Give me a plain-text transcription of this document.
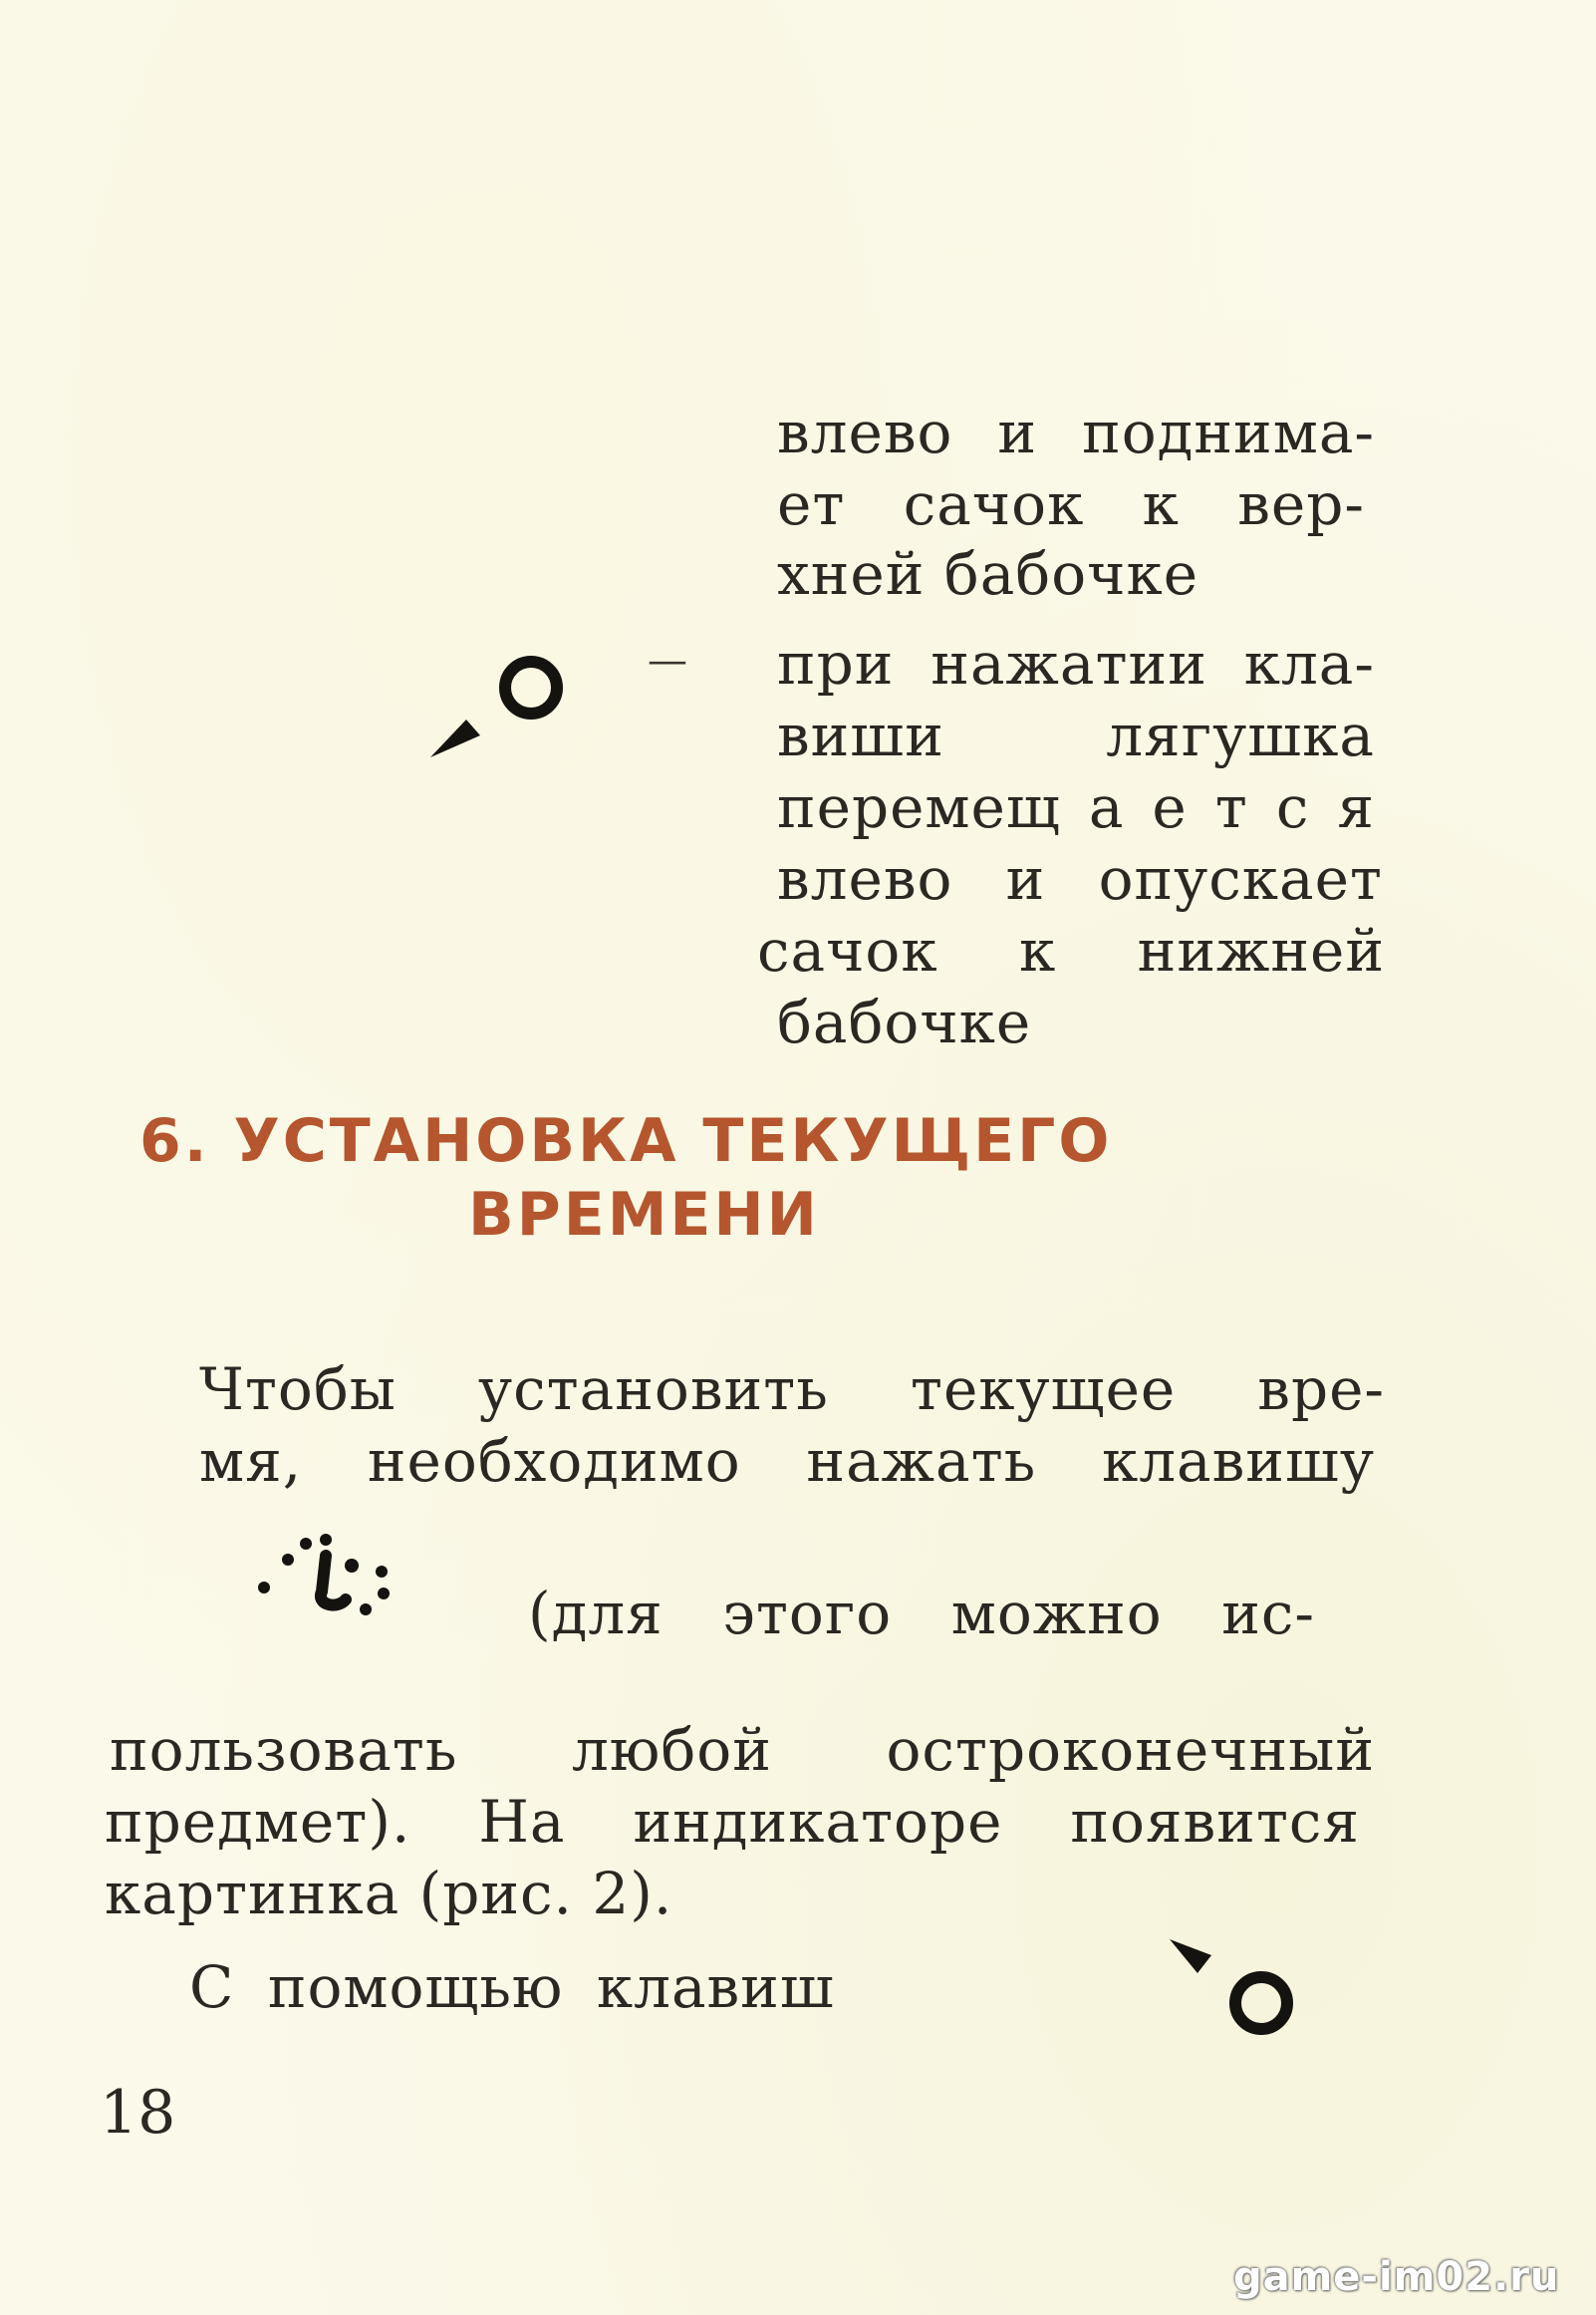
влево и поднима-
ет сачок к вер-
хней бабочке
— при нажатии кла-
виши лягушка
перемещ а е т с я
влево и опускает
сачок к нижней
бабочке
6. УСТАНОВКА ТЕКУЩЕГО
ВРЕМЕНИ
Чтобы установить текущее вре-
мя, необходимо нажать клавишу
(для этого можно ис-
пользовать любой остроконечный
предмет). На индикаторе появится
картинка (рис. 2).
С помощью клавиш
18
game-im02.ru
